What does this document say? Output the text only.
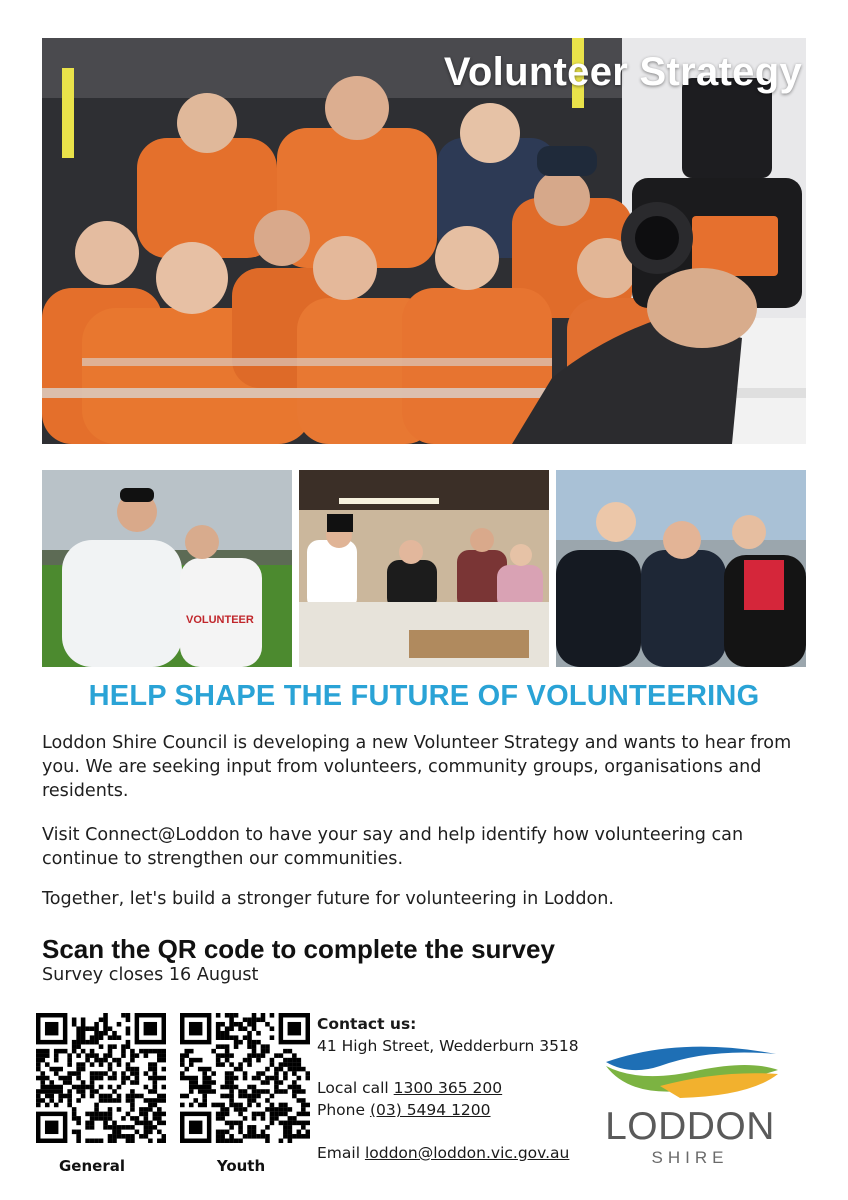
Volunteer Strategy
VOLUNTEER
HELP SHAPE THE FUTURE OF VOLUNTEERING
Loddon Shire Council is developing a new Volunteer Strategy and wants to hear from you. We are seeking input from volunteers, community groups, organisations and residents.
Visit Connect@Loddon to have your say and help identify how volunteering can continue to strengthen our communities.
Together, let's build a stronger future for volunteering in Loddon.
Scan the QR code to complete the survey
Survey closes 16 August
General	Youth
Contact us:
41 High Street, Wedderburn 3518
Local call 1300 365 200
Phone (03) 5494 1200
Email loddon@loddon.vic.gov.au
LODDON
SHIRE
